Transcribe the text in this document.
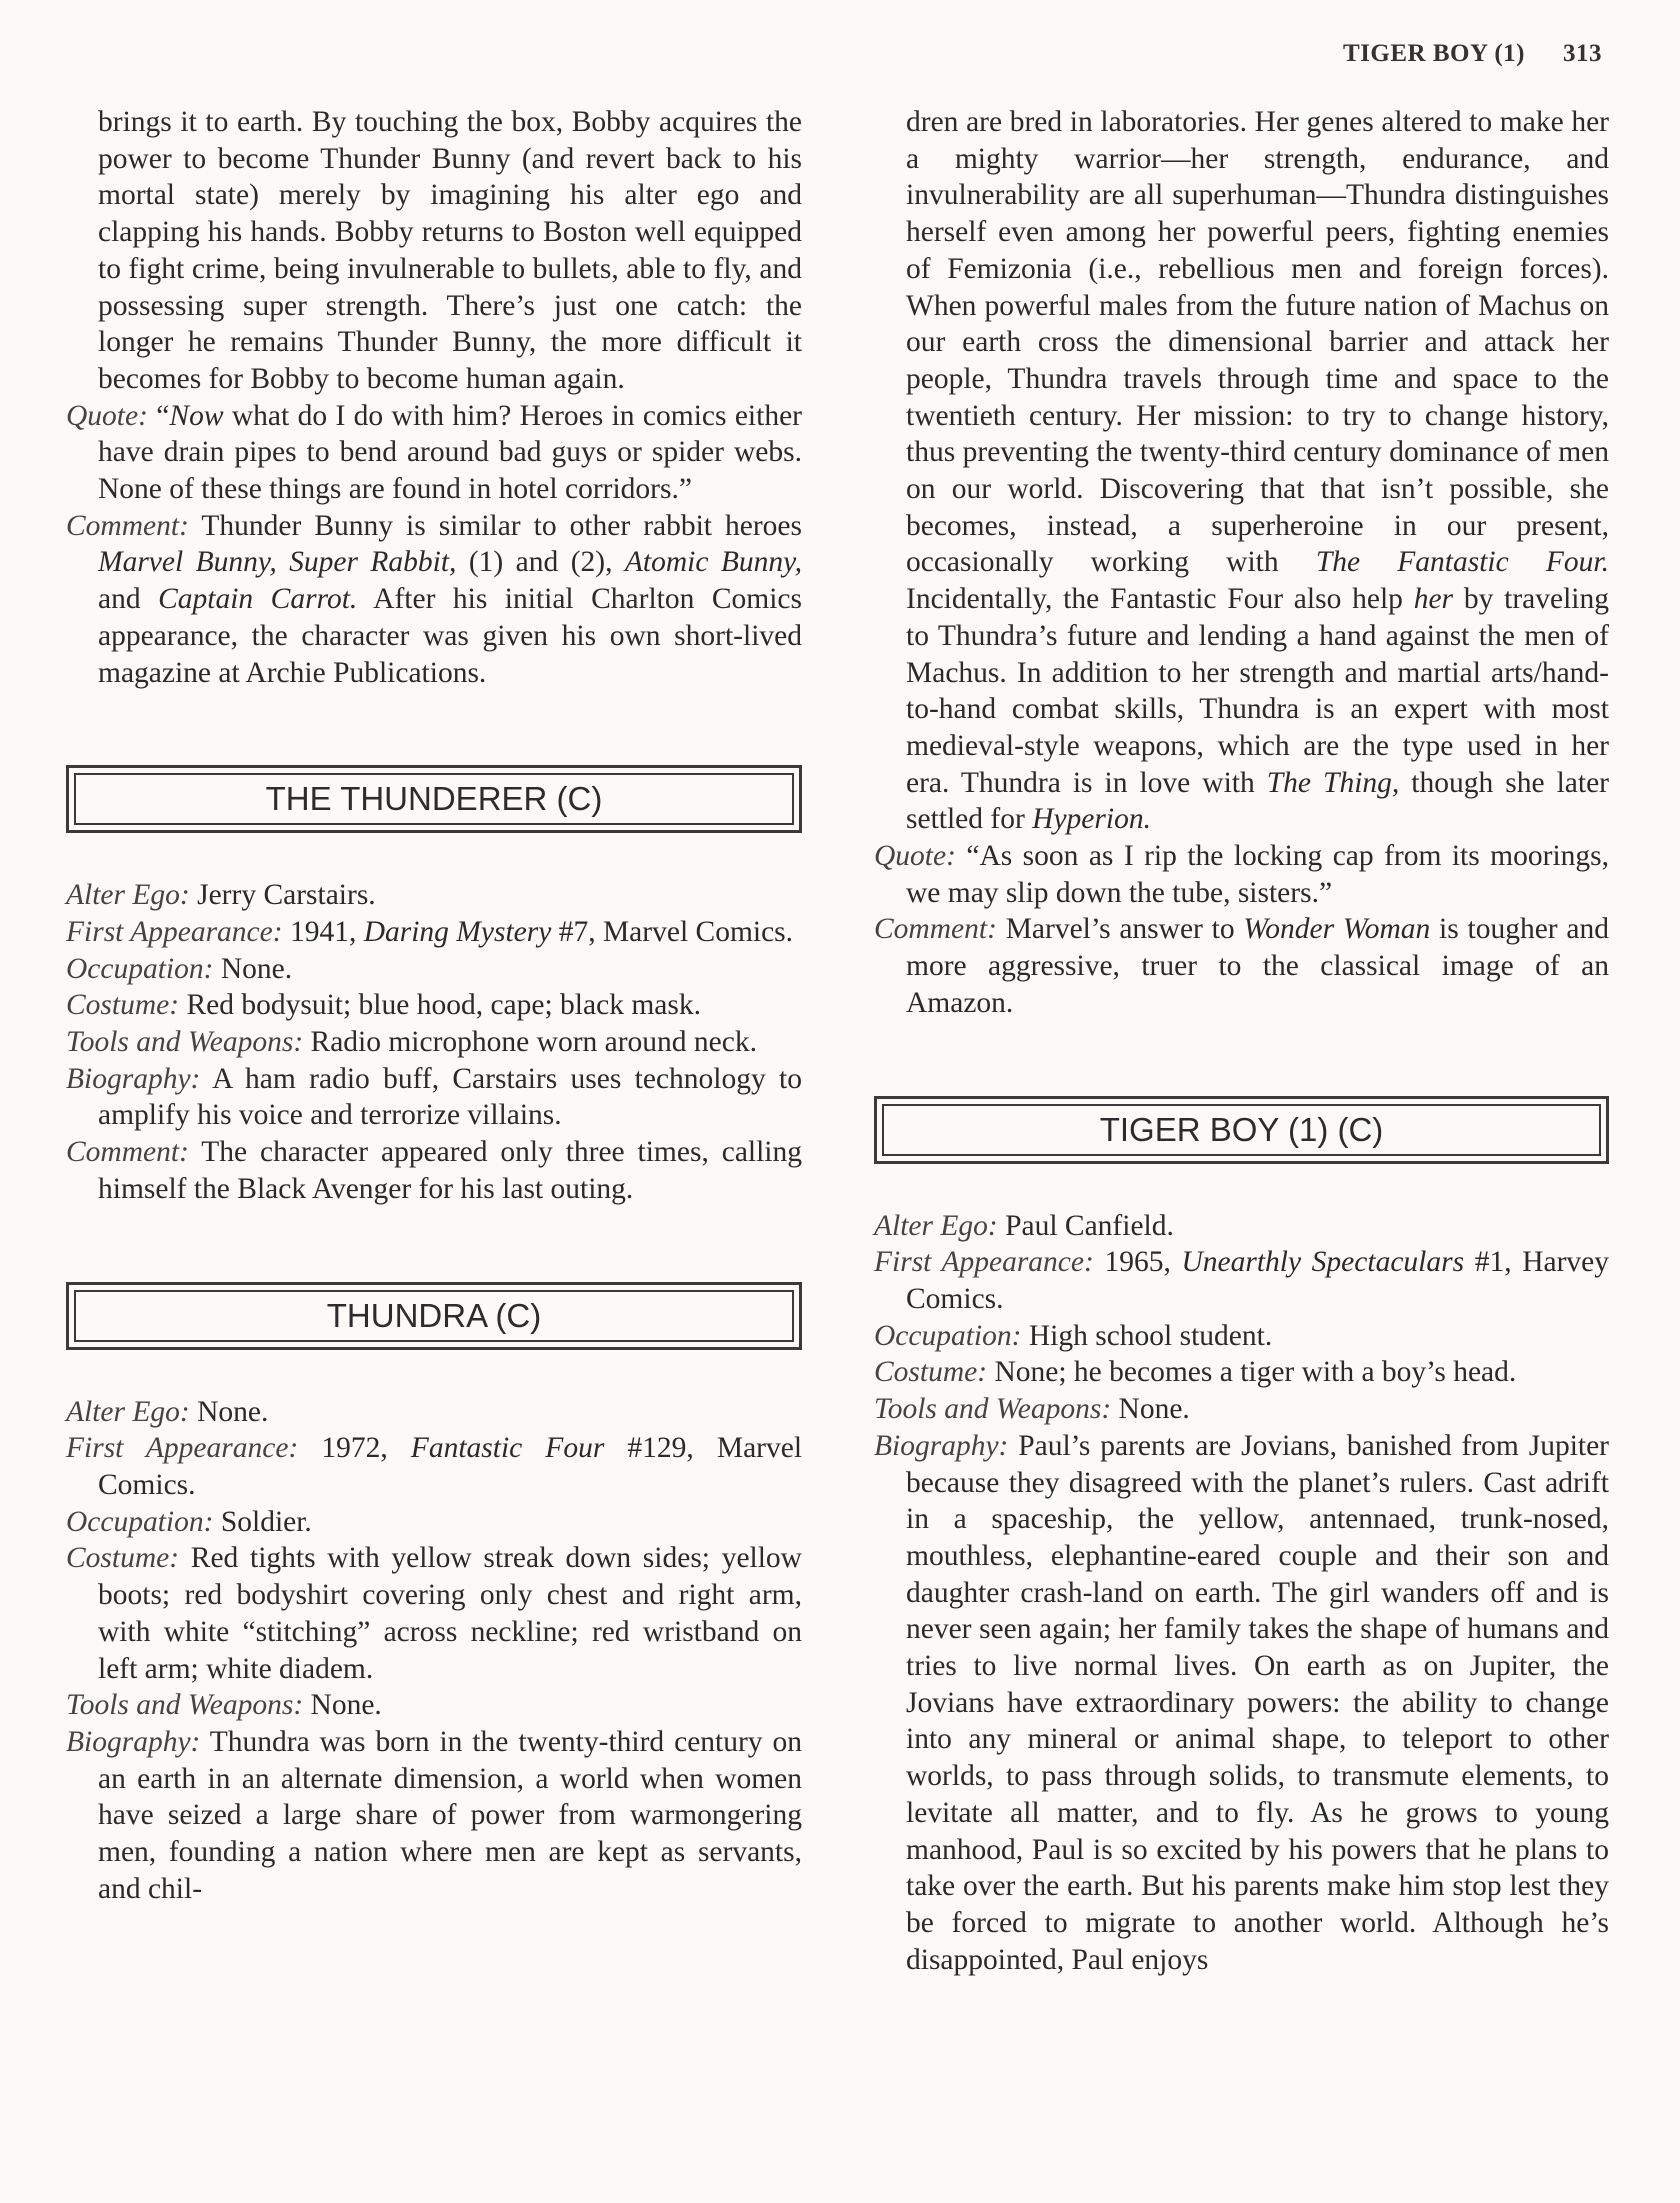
TIGER BOY (1) 313

brings it to earth. By touching the box, Bobby acquires the power to become Thunder Bunny (and revert back to his mortal state) merely by imagining his alter ego and clapping his hands. Bobby returns to Boston well equipped to fight crime, being invulnerable to bullets, able to fly, and possessing super strength. There’s just one catch: the longer he remains Thunder Bunny, the more difficult it becomes for Bobby to become human again.

Quote: “Now what do I do with him? Heroes in comics either have drain pipes to bend around bad guys or spider webs. None of these things are found in hotel corridors.”

Comment: Thunder Bunny is similar to other rabbit heroes Marvel Bunny, Super Rabbit, (1) and (2), Atomic Bunny, and Captain Carrot. After his initial Charlton Comics appearance, the character was given his own short-lived magazine at Archie Publications.

THE THUNDERER (C)

Alter Ego: Jerry Carstairs.

First Appearance: 1941, Daring Mystery #7, Marvel Comics.

Occupation: None.

Costume: Red bodysuit; blue hood, cape; black mask.

Tools and Weapons: Radio microphone worn around neck.

Biography: A ham radio buff, Carstairs uses technology to amplify his voice and terrorize villains.

Comment: The character appeared only three times, calling himself the Black Avenger for his last outing.

THUNDRA (C)

Alter Ego: None.

First Appearance: 1972, Fantastic Four #129, Marvel Comics.

Occupation: Soldier.

Costume: Red tights with yellow streak down sides; yellow boots; red bodyshirt covering only chest and right arm, with white “stitching” across neckline; red wristband on left arm; white diadem.

Tools and Weapons: None.

Biography: Thundra was born in the twenty-third century on an earth in an alternate dimension, a world when women have seized a large share of power from warmongering men, founding a nation where men are kept as servants, and chil-

dren are bred in laboratories. Her genes altered to make her a mighty warrior—her strength, endurance, and invulnerability are all superhuman—Thundra distinguishes herself even among her powerful peers, fighting enemies of Femizonia (i.e., rebellious men and foreign forces). When powerful males from the future nation of Machus on our earth cross the dimensional barrier and attack her people, Thundra travels through time and space to the twentieth century. Her mission: to try to change history, thus preventing the twenty-third century dominance of men on our world. Discovering that that isn’t possible, she becomes, instead, a superheroine in our present, occasionally working with The Fantastic Four. Incidentally, the Fantastic Four also help her by traveling to Thundra’s future and lending a hand against the men of Machus. In addition to her strength and martial arts/hand-to-hand combat skills, Thundra is an expert with most medieval-style weapons, which are the type used in her era. Thundra is in love with The Thing, though she later settled for Hyperion.

Quote: “As soon as I rip the locking cap from its moorings, we may slip down the tube, sisters.”

Comment: Marvel’s answer to Wonder Woman is tougher and more aggressive, truer to the classical image of an Amazon.

TIGER BOY (1) (C)

Alter Ego: Paul Canfield.

First Appearance: 1965, Unearthly Spectaculars #1, Harvey Comics.

Occupation: High school student.

Costume: None; he becomes a tiger with a boy’s head.

Tools and Weapons: None.

Biography: Paul’s parents are Jovians, banished from Jupiter because they disagreed with the planet’s rulers. Cast adrift in a spaceship, the yellow, antennaed, trunk-nosed, mouthless, elephantine-eared couple and their son and daughter crash-land on earth. The girl wanders off and is never seen again; her family takes the shape of humans and tries to live normal lives. On earth as on Jupiter, the Jovians have extraordinary powers: the ability to change into any mineral or animal shape, to teleport to other worlds, to pass through solids, to transmute elements, to levitate all matter, and to fly. As he grows to young manhood, Paul is so excited by his powers that he plans to take over the earth. But his parents make him stop lest they be forced to migrate to another world. Although he’s disappointed, Paul enjoys
